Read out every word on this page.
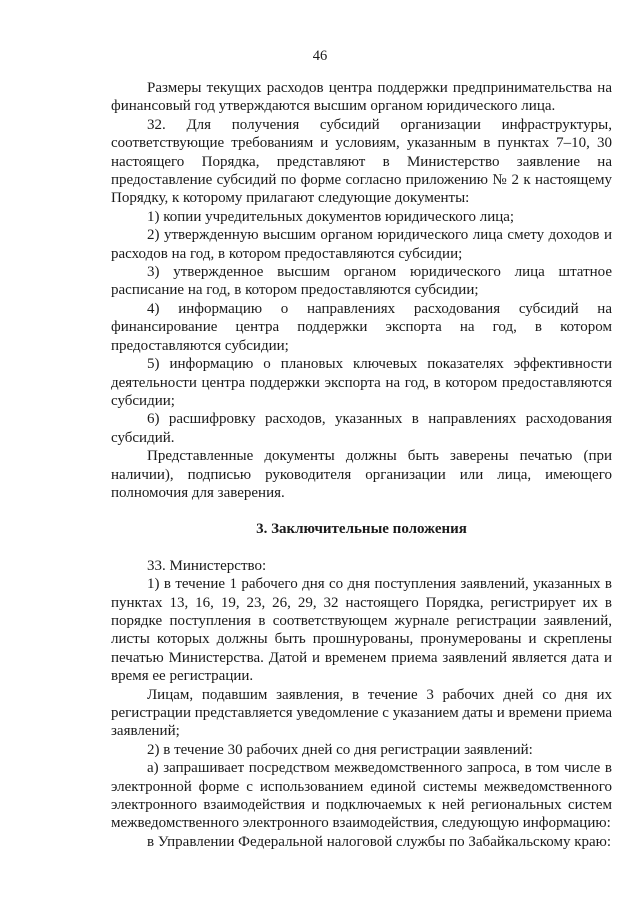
46

Размеры текущих расходов центра поддержки предпринимательства на финансовый год утверждаются высшим органом юридического лица.

32. Для получения субсидий организации инфраструктуры, соответствующие требованиям и условиям, указанным в пунктах 7–10, 30 настоящего Порядка, представляют в Министерство заявление на предоставление субсидий по форме согласно приложению № 2 к настоящему Порядку, к которому прилагают следующие документы:

1) копии учредительных документов юридического лица;

2) утвержденную высшим органом юридического лица смету доходов и расходов на год, в котором предоставляются субсидии;

3) утвержденное высшим органом юридического лица штатное расписание на год, в котором предоставляются субсидии;

4) информацию о направлениях расходования субсидий на финансирование центра поддержки экспорта на год, в котором предоставляются субсидии;

5) информацию о плановых ключевых показателях эффективности деятельности центра поддержки экспорта на год, в котором предоставляются субсидии;

6) расшифровку расходов, указанных в направлениях расходования субсидий.

Представленные документы должны быть заверены печатью (при наличии), подписью руководителя организации или лица, имеющего полномочия для заверения.

3. Заключительные положения

33. Министерство:

1) в течение 1 рабочего дня со дня поступления заявлений, указанных в пунктах 13, 16, 19, 23, 26, 29, 32 настоящего Порядка, регистрирует их в порядке поступления в соответствующем журнале регистрации заявлений, листы которых должны быть прошнурованы, пронумерованы и скреплены печатью Министерства. Датой и временем приема заявлений является дата и время ее регистрации.

Лицам, подавшим заявления, в течение 3 рабочих дней со дня их регистрации представляется уведомление с указанием даты и времени приема заявлений;

2) в течение 30 рабочих дней со дня регистрации заявлений:

а) запрашивает посредством межведомственного запроса, в том числе в электронной форме с использованием единой системы межведомственного электронного взаимодействия и подключаемых к ней региональных систем межведомственного электронного взаимодействия, следующую информацию:

в Управлении Федеральной налоговой службы по Забайкальскому краю:
